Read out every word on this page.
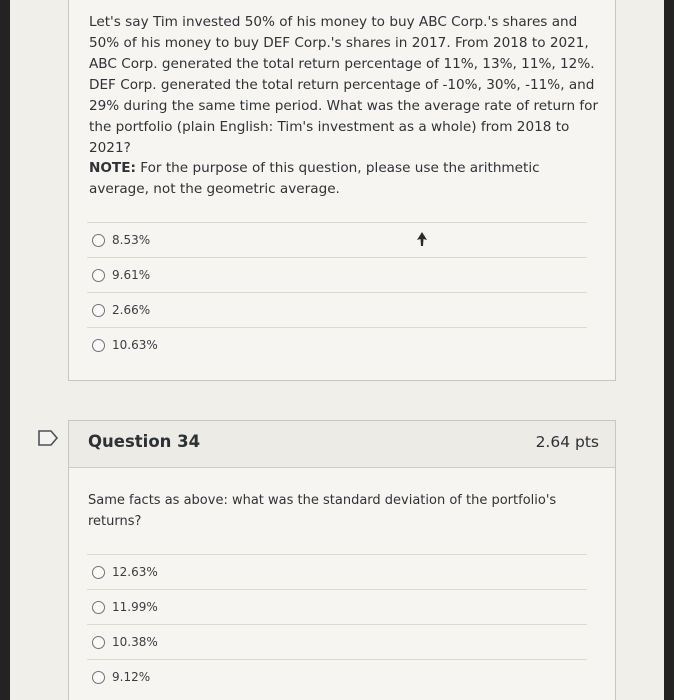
Let's say Tim invested 50% of his money to buy ABC Corp.'s shares and 50% of his money to buy DEF Corp.'s shares in 2017. From 2018 to 2021, ABC Corp. generated the total return percentage of 11%, 13%, 11%, 12%. DEF Corp. generated the total return percentage of -10%, 30%, -11%, and 29% during the same time period. What was the average rate of return for the portfolio (plain English: Tim's investment as a whole) from 2018 to 2021?

NOTE: For the purpose of this question, please use the arithmetic average, not the geometric average.

8.53%
9.61%
2.66%
10.63%
Question 34	2.64 pts

Same facts as above: what was the standard deviation of the portfolio's returns?

12.63%
11.99%
10.38%
9.12%
